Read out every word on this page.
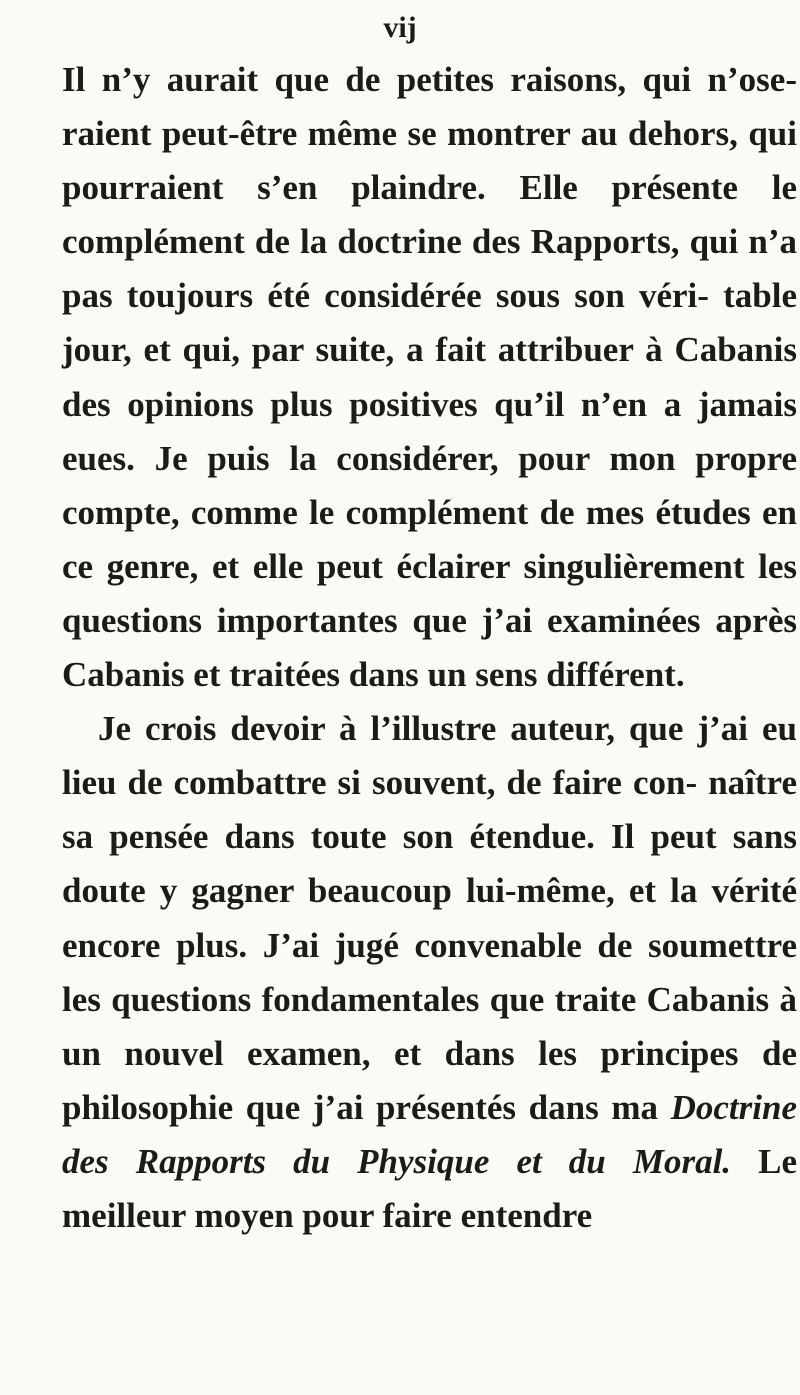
vij

Il n’y aurait que de petites raisons, qui n’ose- raient peut-être même se montrer au dehors, qui pourraient s’en plaindre. Elle présente le complément de la doctrine des Rapports, qui n’a pas toujours été considérée sous son véri- table jour, et qui, par suite, a fait attribuer à Cabanis des opinions plus positives qu’il n’en a jamais eues. Je puis la considérer, pour mon propre compte, comme le complément de mes études en ce genre, et elle peut éclairer singulièrement les questions importantes que j’ai examinées après Cabanis et traitées dans un sens différent.

Je crois devoir à l’illustre auteur, que j’ai eu lieu de combattre si souvent, de faire con- naître sa pensée dans toute son étendue. Il peut sans doute y gagner beaucoup lui-même, et la vérité encore plus. J’ai jugé convenable de soumettre les questions fondamentales que traite Cabanis à un nouvel examen, et dans les principes de philosophie que j’ai présentés dans ma Doctrine des Rapports du Physique et du Moral. Le meilleur moyen pour faire entendre
